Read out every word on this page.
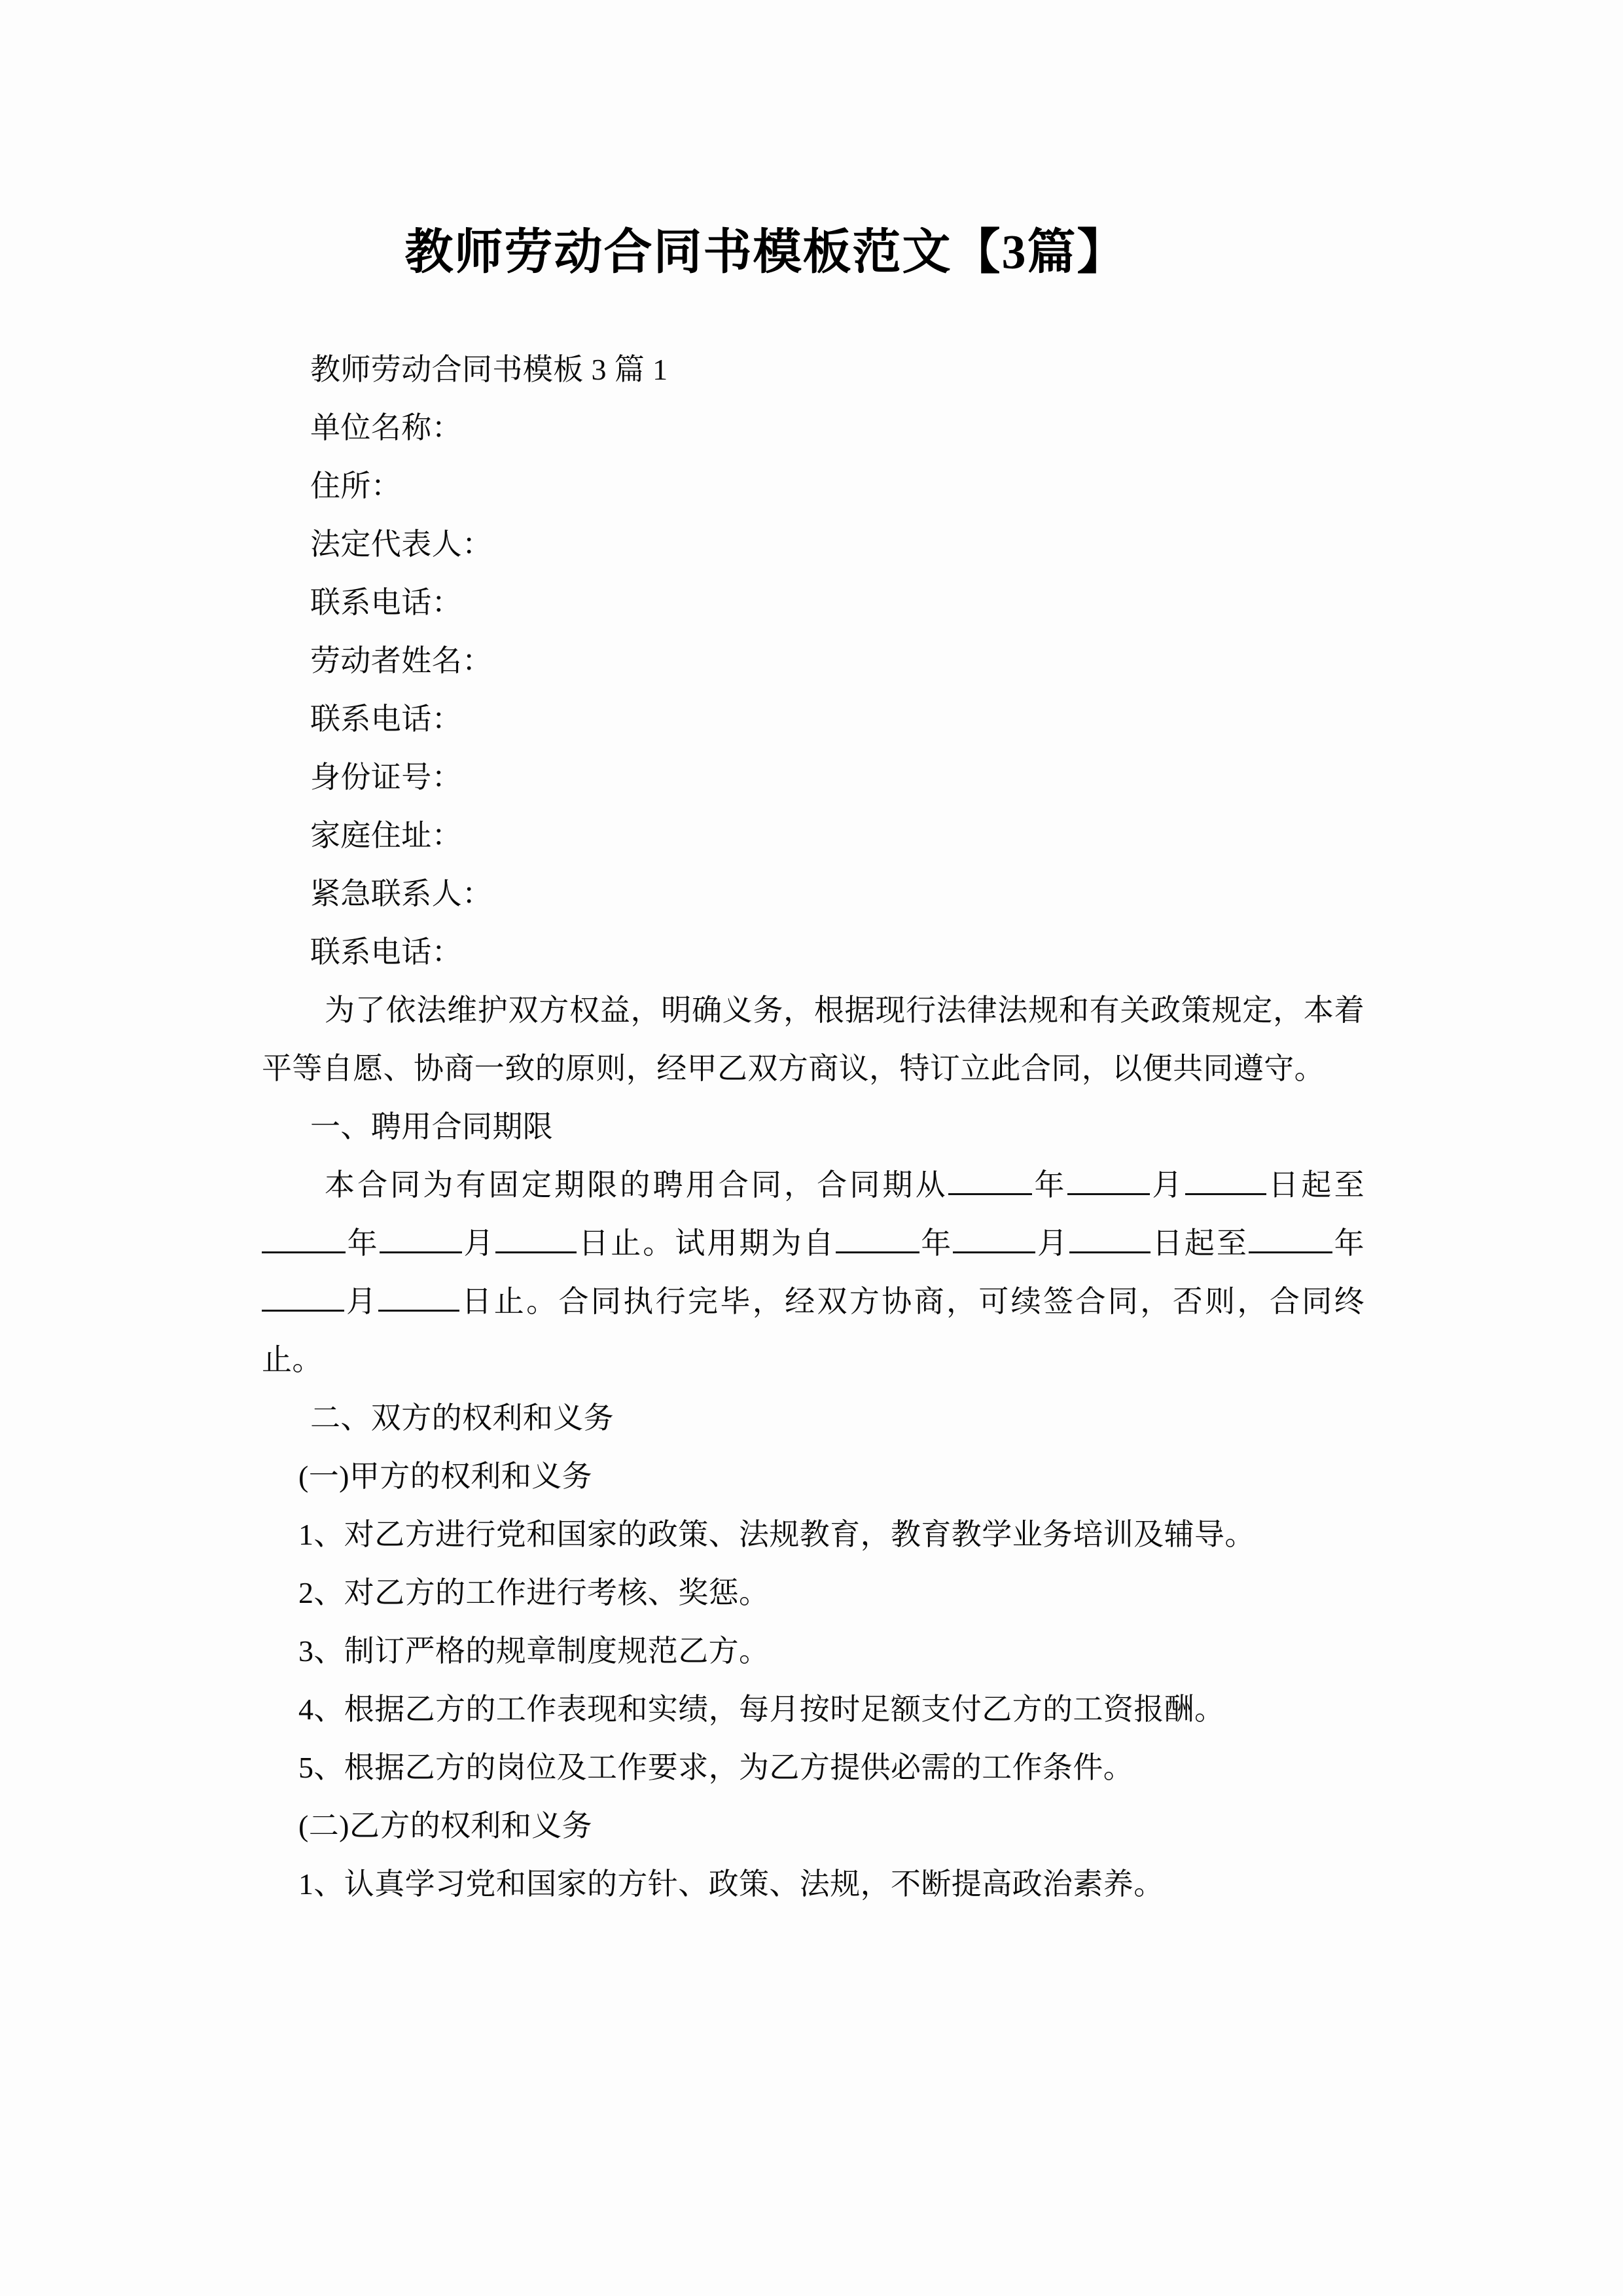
教师劳动合同书模板范文【3篇】
教师劳动合同书模板 3 篇 1
单位名称：
住所：
法定代表人：
联系电话：
劳动者姓名：
联系电话：
身份证号：
家庭住址：
紧急联系人：
联系电话：
为了依法维护双方权益，明确义务，根据现行法律法规和有关政策规定，本着平等自愿、协商一致的原则，经甲乙双方商议，特订立此合同，以便共同遵守。
一、聘用合同期限
本合同为有固定期限的聘用合同，合同期从	年	月	日起至年	月	日止。试用期为自	年	月	日起至	年月	日止。合同执行完毕，经双方协商，可续签合同，否则，合同终止。
二、双方的权利和义务
(一)甲方的权利和义务
1、对乙方进行党和国家的政策、法规教育，教育教学业务培训及辅导。
2、对乙方的工作进行考核、奖惩。
3、制订严格的规章制度规范乙方。
4、根据乙方的工作表现和实绩，每月按时足额支付乙方的工资报酬。
5、根据乙方的岗位及工作要求，为乙方提供必需的工作条件。
(二)乙方的权利和义务
1、认真学习党和国家的方针、政策、法规，不断提高政治素养。
